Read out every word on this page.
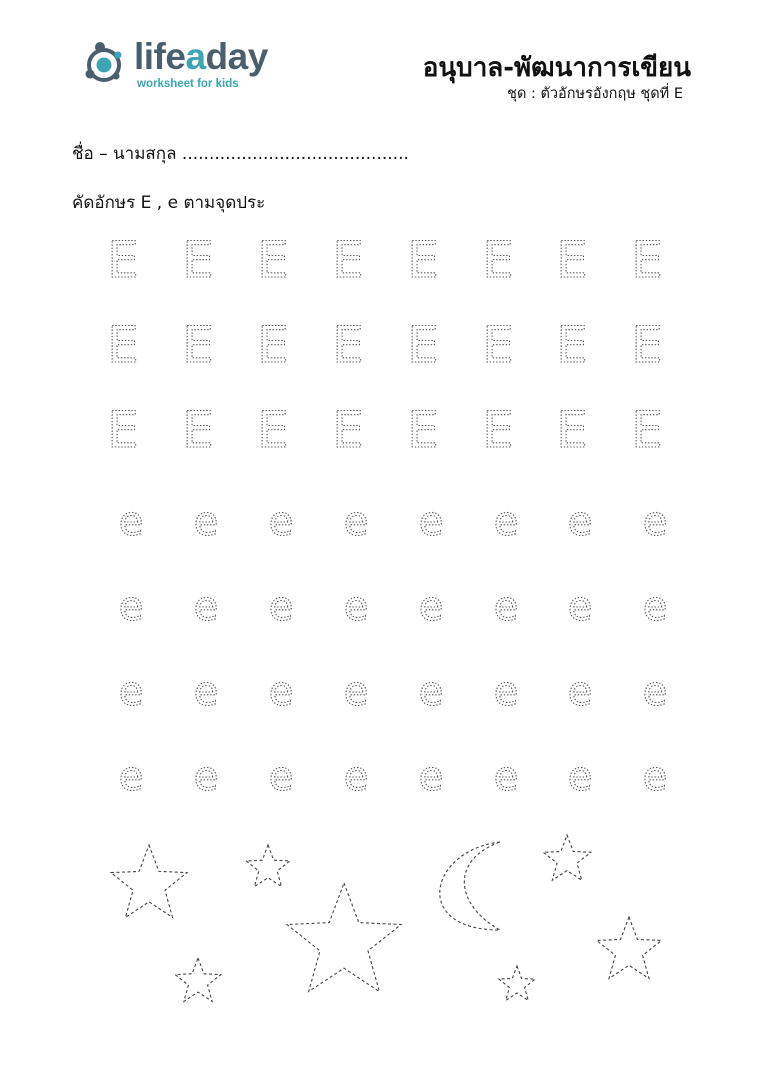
lifeaday
worksheet for kids
อนุบาล-พัฒนาการเขียน
ชุด : ตัวอักษรอังกฤษ ชุดที่ E
ชื่อ – นามสกุล ..........................................
คัดอักษร E , e ตามจุดประ
E E E E E E E E
E E E E E E E E
E E E E E E E E
e e e e e e e e
e e e e e e e e
e e e e e e e e
e e e e e e e e
